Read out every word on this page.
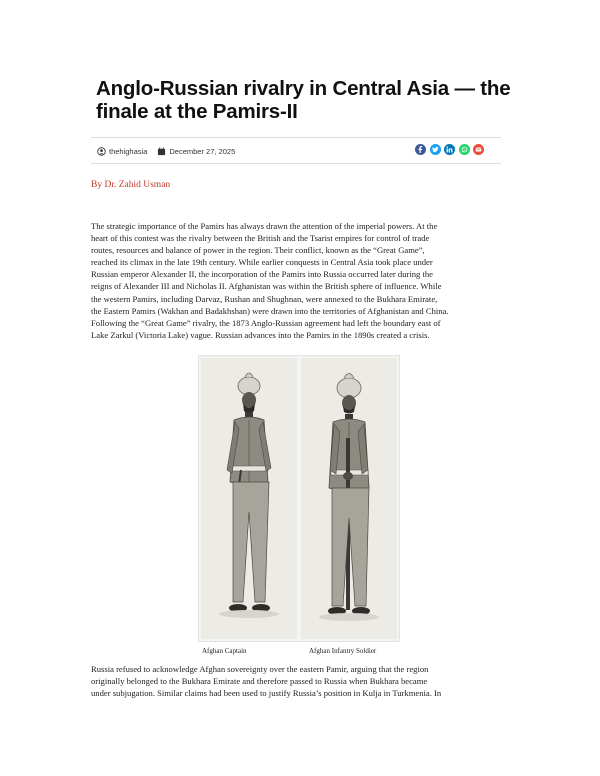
Anglo-Russian rivalry in Central Asia — the finale at the Pamirs-II
thehighasia	December 27, 2025
By Dr. Zahid Usman
The strategic importance of the Pamirs has always drawn the attention of the imperial powers. At the
heart of this contest was the rivalry between the British and the Tsarist empires for control of trade
routes, resources and balance of power in the region. Their conflict, known as the “Great Game”,
reached its climax in the late 19th century. While earlier conquests in Central Asia took place under
Russian emperor Alexander II, the incorporation of the Pamirs into Russia occurred later during the
reigns of Alexander III and Nicholas II. Afghanistan was within the British sphere of influence. While
the western Pamirs, including Darvaz, Rushan and Shughnan, were annexed to the Bukhara Emirate,
the Eastern Pamirs (Wakhan and Badakhshan) were drawn into the territories of Afghanistan and China.
Following the “Great Game” rivalry, the 1873 Anglo-Russian agreement had left the boundary east of
Lake Zarkul (Victoria Lake) vague. Russian advances into the Pamirs in the 1890s created a crisis.
Afghan Captain	Afghan Infantry Soldier
Russia refused to acknowledge Afghan sovereignty over the eastern Pamir, arguing that the region
originally belonged to the Bukhara Emirate and therefore passed to Russia when Bukhara became
under subjugation. Similar claims had been used to justify Russia’s position in Kulja in Turkmenia. In
